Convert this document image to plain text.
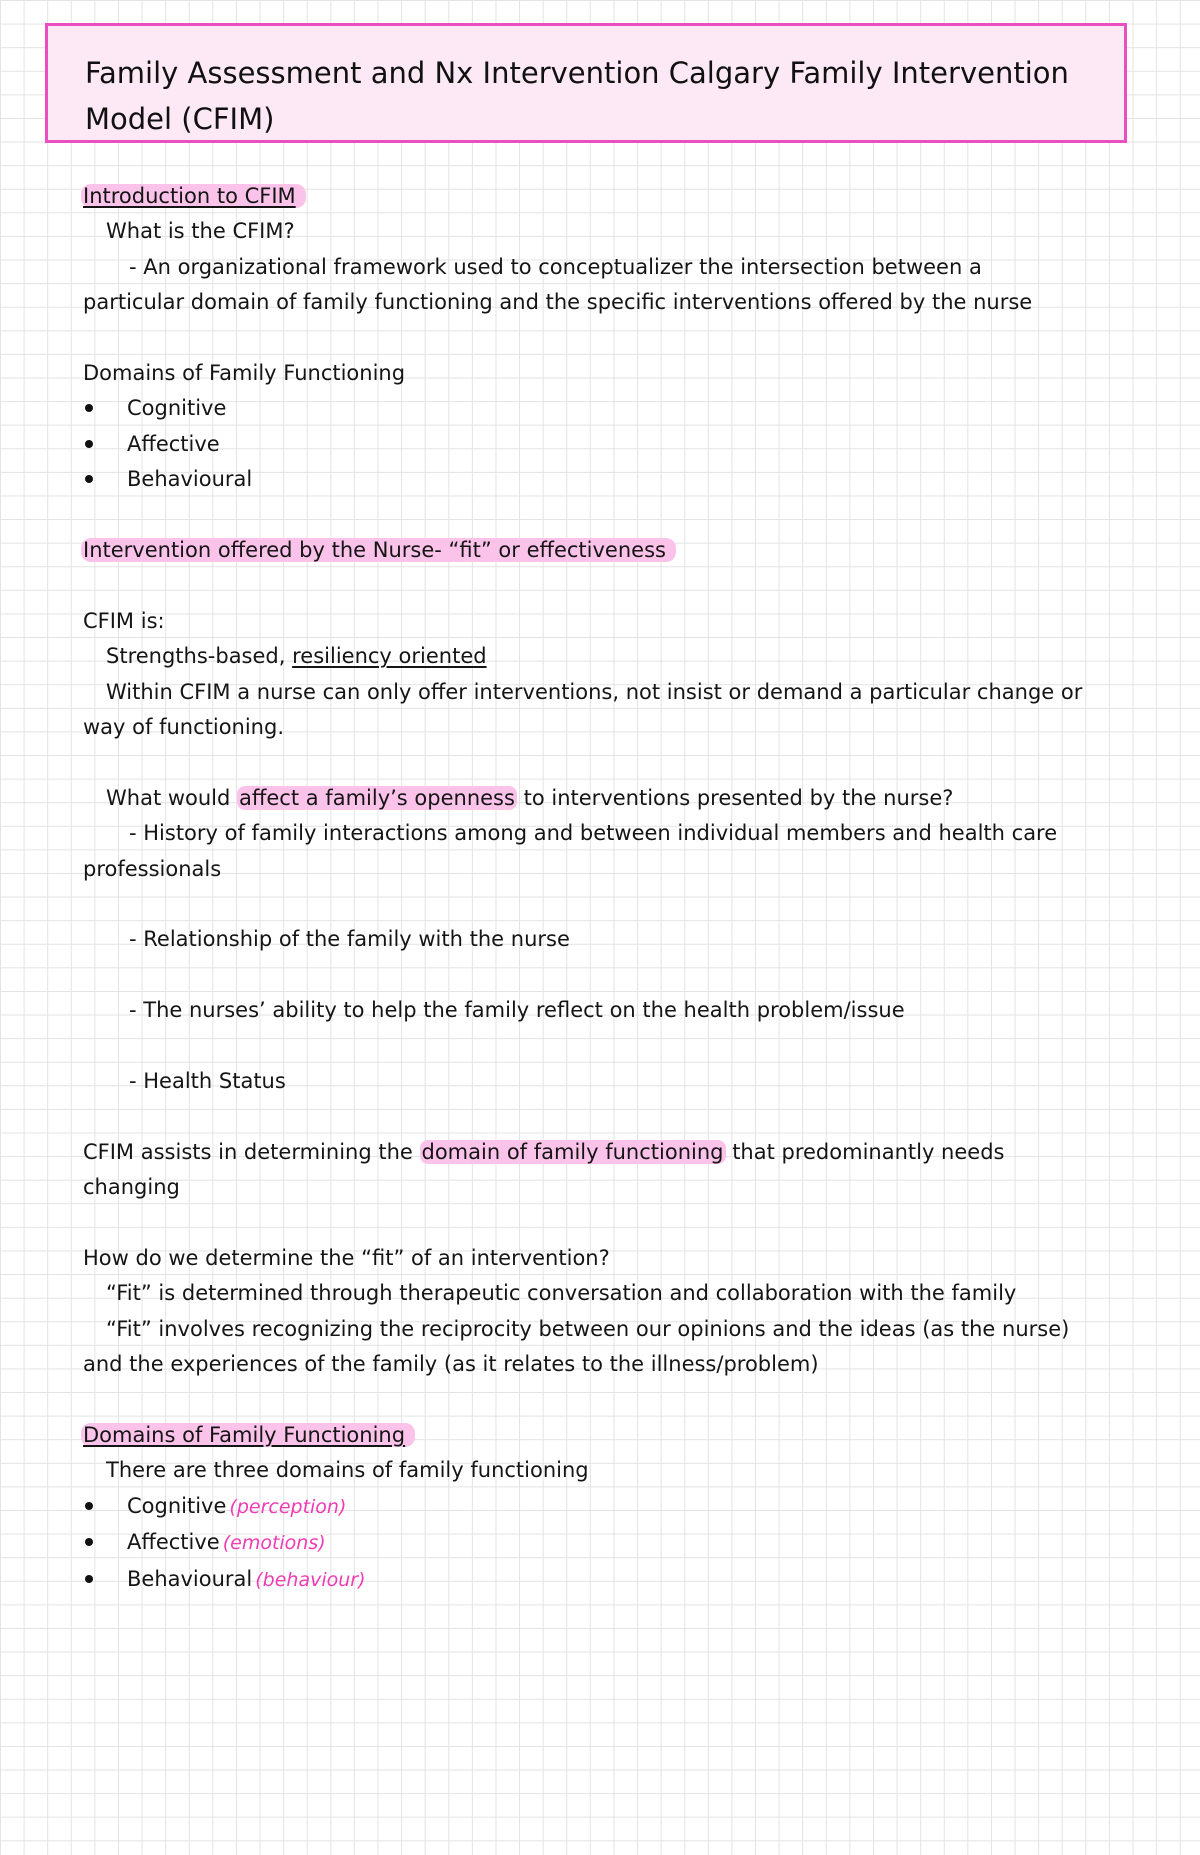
Family Assessment and Nx Intervention Calgary Family Intervention Model (CFIM)

Introduction to CFIM

What is the CFIM?

- An organizational framework used to conceptualizer the intersection between a particular domain of family functioning and the specific interventions offered by the nurse

Domains of Family Functioning

Cognitive
Affective
Behavioural

Intervention offered by the Nurse- “fit” or effectiveness

CFIM is:

Strengths-based, resiliency oriented

Within CFIM a nurse can only offer interventions, not insist or demand a particular change or way of functioning.

What would affect a family’s openness to interventions presented by the nurse?

- History of family interactions among and between individual members and health care professionals

- Relationship of the family with the nurse

- The nurses’ ability to help the family reflect on the health problem/issue

- Health Status

CFIM assists in determining the domain of family functioning that predominantly needs changing

How do we determine the “fit” of an intervention?

“Fit” is determined through therapeutic conversation and collaboration with the family

“Fit” involves recognizing the reciprocity between our opinions and the ideas (as the nurse) and the experiences of the family (as it relates to the illness/problem)

Domains of Family Functioning

There are three domains of family functioning

Cognitive (perception)
Affective (emotions)
Behavioural (behaviour)
